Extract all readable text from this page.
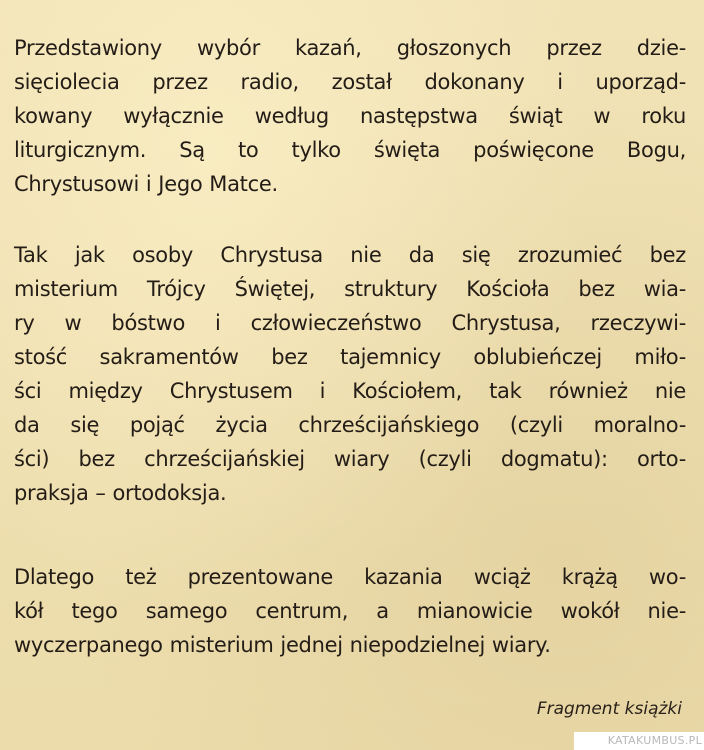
Przedstawiony wybór kazań, głoszonych przez dzie-
sięciolecia przez radio, został dokonany i uporząd-
kowany wyłącznie według następstwa świąt w roku
liturgicznym. Są to tylko święta poświęcone Bogu,
Chrystusowi i Jego Matce.
Tak jak osoby Chrystusa nie da się zrozumieć bez
misterium Trójcy Świętej, struktury Kościoła bez wia-
ry w bóstwo i człowieczeństwo Chrystusa, rzeczywi-
stość sakramentów bez tajemnicy oblubieńczej miło-
ści między Chrystusem i Kościołem, tak również nie
da się pojąć życia chrześcijańskiego (czyli moralno-
ści) bez chrześcijańskiej wiary (czyli dogmatu): orto-
praksja – ortodoksja.
Dlatego też prezentowane kazania wciąż krążą wo-
kół tego samego centrum, a mianowicie wokół nie-
wyczerpanego misterium jednej niepodzielnej wiary.
Fragment książki
KATAKUMBUS.PL
